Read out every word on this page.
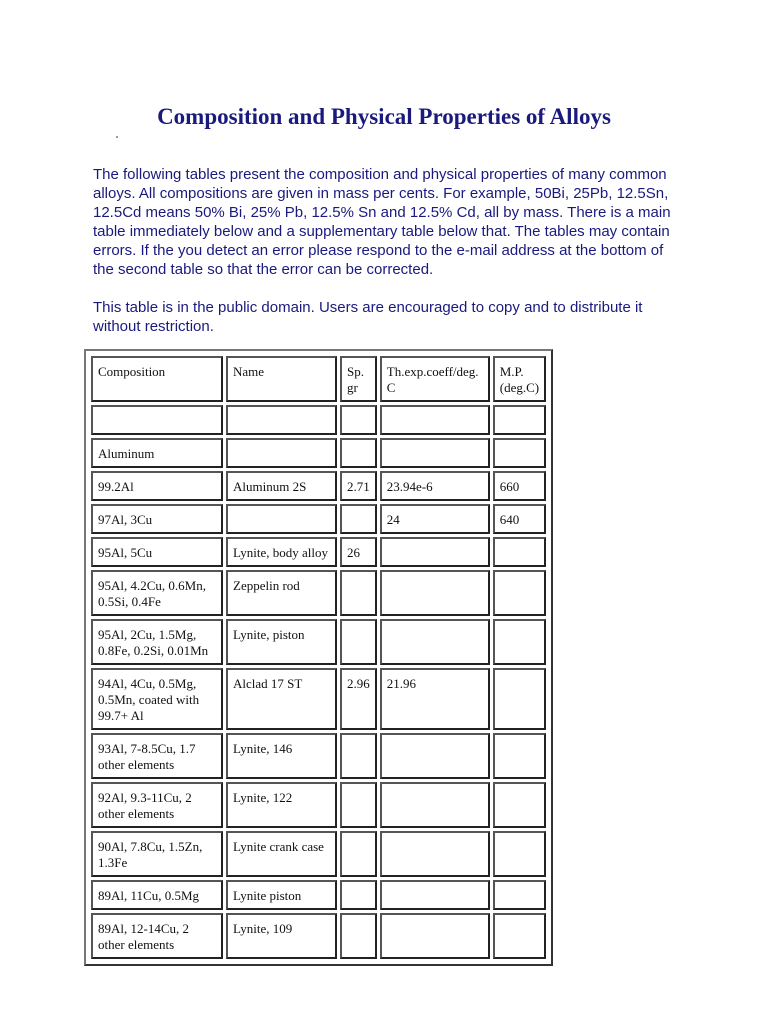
Composition and Physical Properties of Alloys

The following tables present the composition and physical properties of many common alloys. All compositions are given in mass per cents. For example, 50Bi, 25Pb, 12.5Sn, 12.5Cd means 50% Bi, 25% Pb, 12.5% Sn and 12.5% Cd, all by mass. There is a main table immediately below and a supplementary table below that. The tables may contain errors. If the you detect an error please respond to the e-mail address at the bottom of the second table so that the error can be corrected.

This table is in the public domain. Users are encouraged to copy and to distribute it without restriction.

Composition	Name	Sp. gr	Th.exp.coeff/deg. C	M.P. (deg.C)

Aluminum				
99.2Al	Aluminum 2S	2.71	23.94e-6	660
97Al, 3Cu			24	640
95Al, 5Cu	Lynite, body alloy	26		
95Al, 4.2Cu, 0.6Mn, 0.5Si, 0.4Fe	Zeppelin rod			
95Al, 2Cu, 1.5Mg, 0.8Fe, 0.2Si, 0.01Mn	Lynite, piston			
94Al, 4Cu, 0.5Mg, 0.5Mn, coated with 99.7+ Al	Alclad 17 ST	2.96	21.96	
93Al, 7-8.5Cu, 1.7 other elements	Lynite, 146			
92Al, 9.3-11Cu, 2 other elements	Lynite, 122			
90Al, 7.8Cu, 1.5Zn, 1.3Fe	Lynite crank case			
89Al, 11Cu, 0.5Mg	Lynite piston			
89Al, 12-14Cu, 2 other elements	Lynite, 109			
